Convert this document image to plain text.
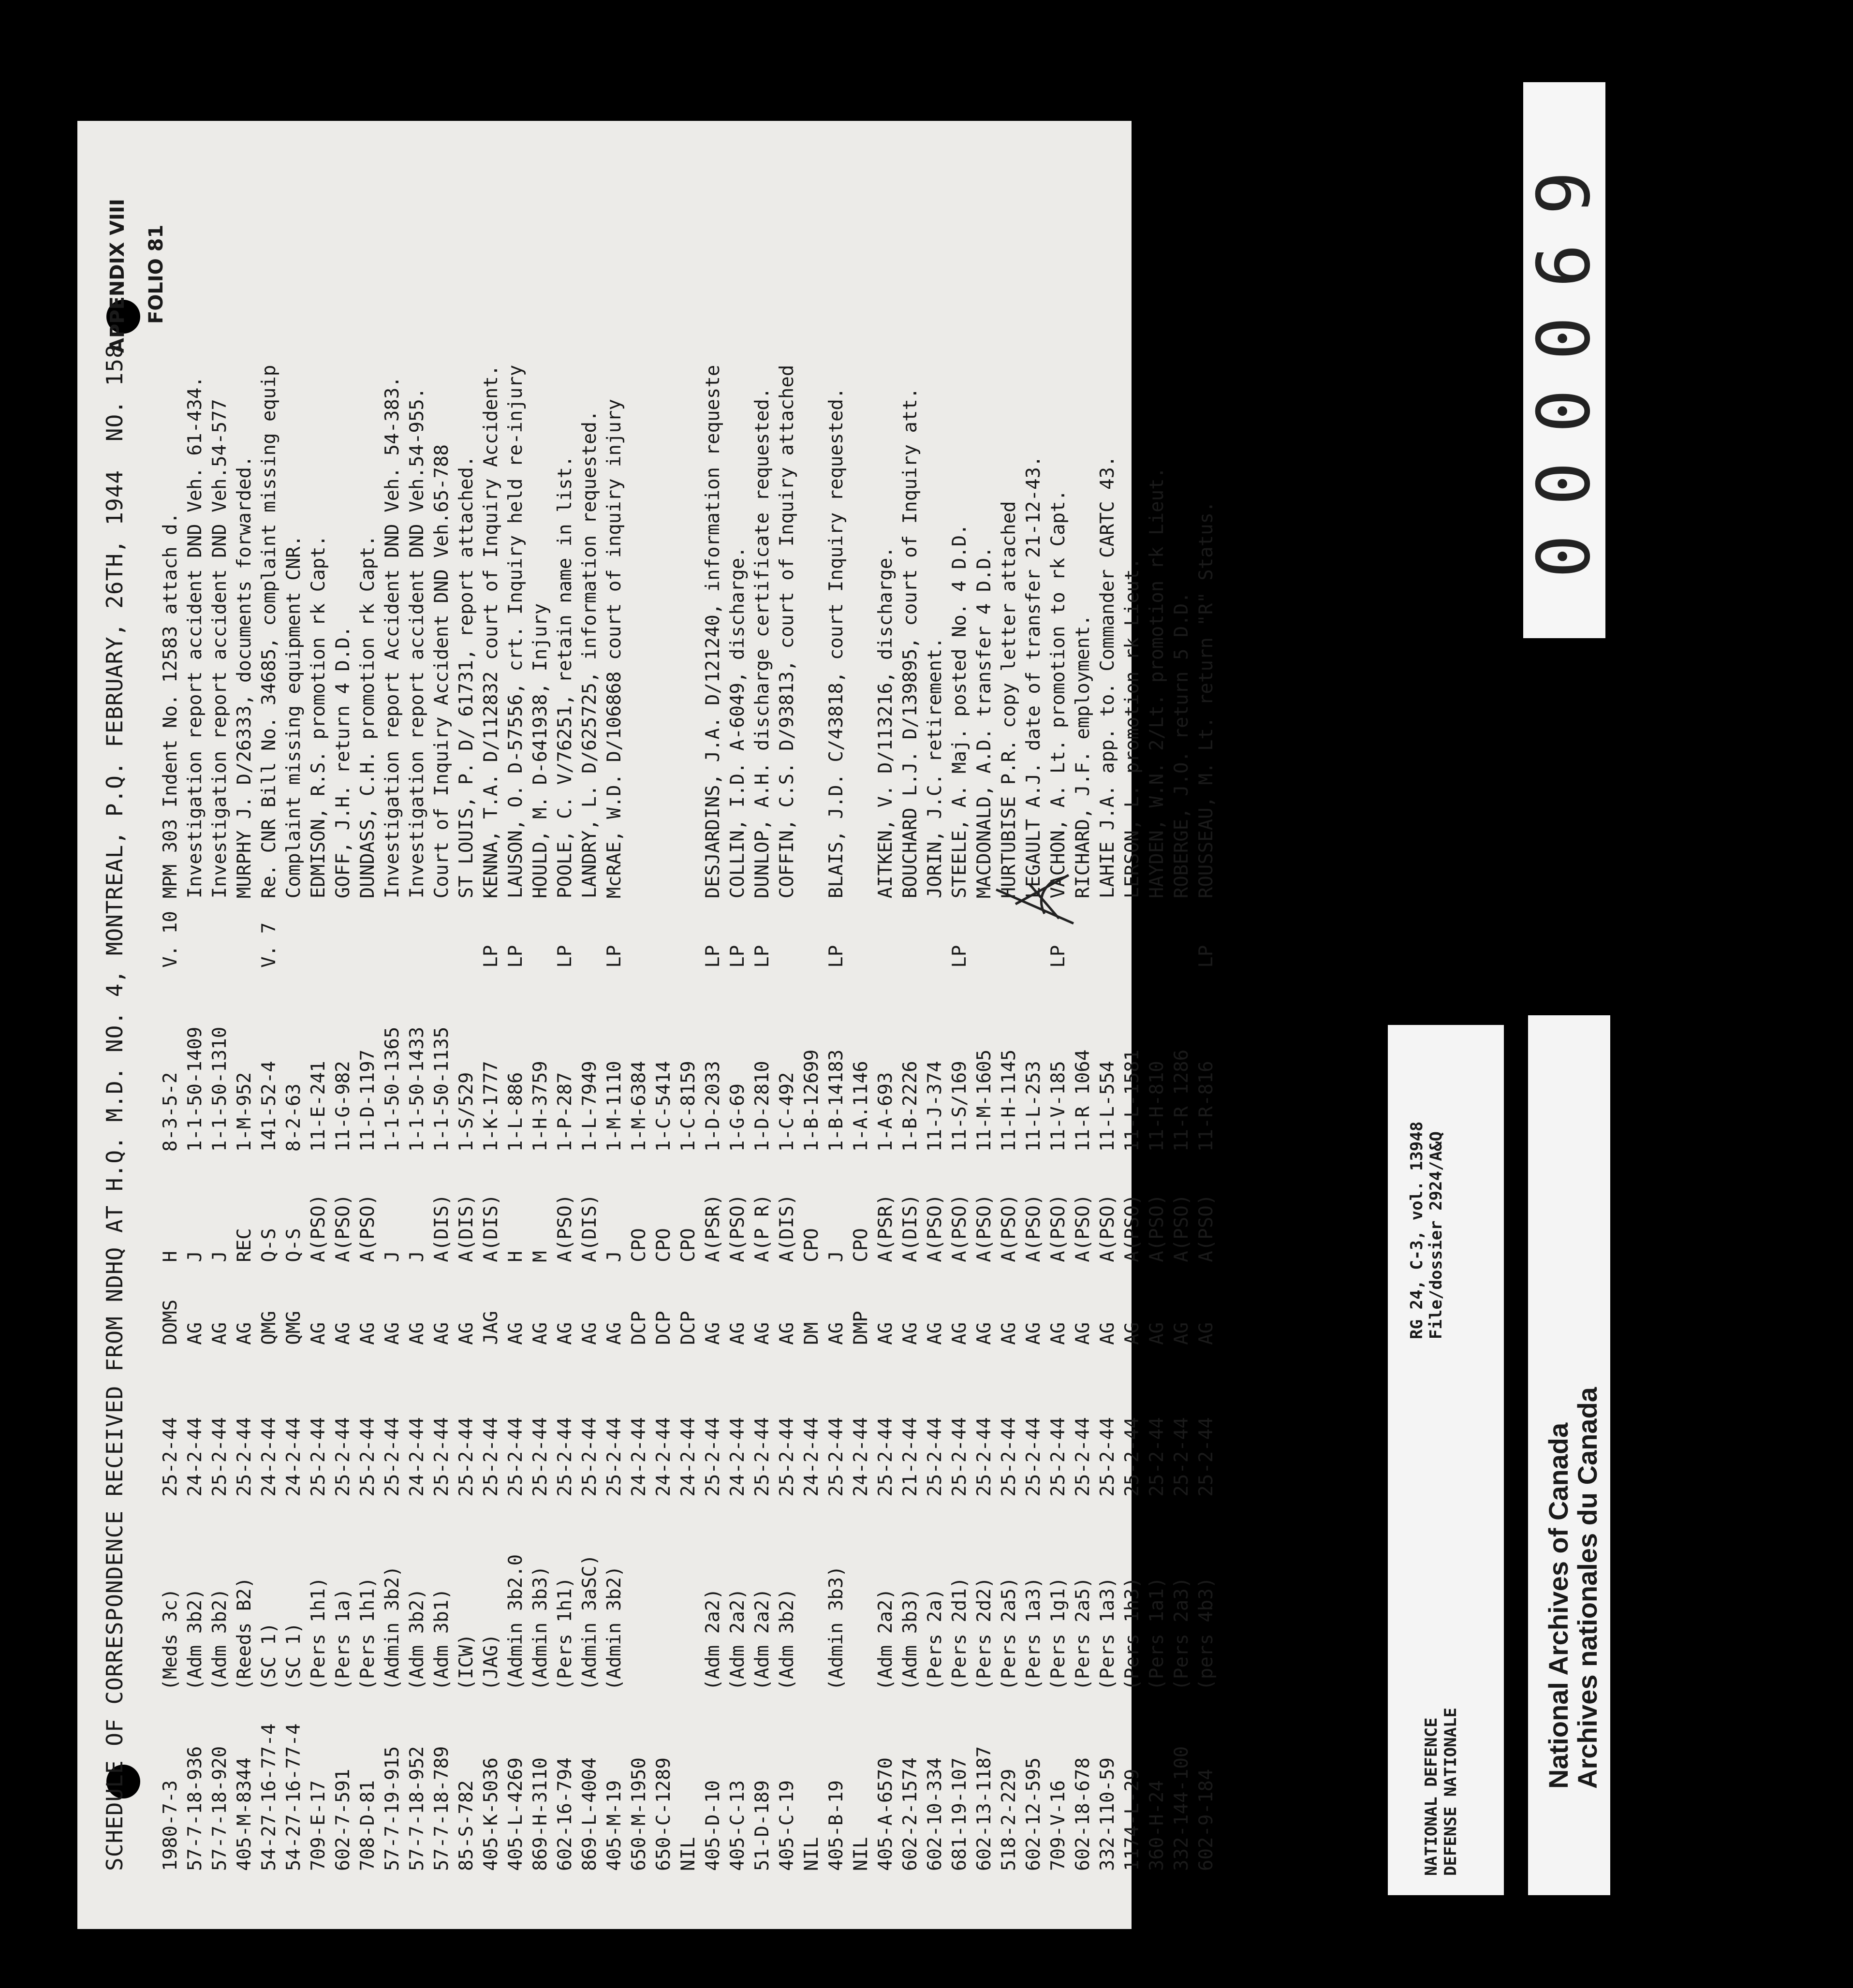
SCHEDULE OF CORRESPONDENCE RECEIVED FROM NDHQ AT H.Q. M.D. NO. 4, MONTREAL, P.Q. FEBRUARY, 26TH, 1944 NO. 158
APPENDIX VIII FOLIO 81
1980-7-3	(Meds 3c)	25-2-44	DOMS	H	8-3-5-2	V. 10	MPM 303 Indent No. 12583 attach d.
57-7-18-936	(Adm 3b2)	24-2-44	AG	J	1-1-50-1409		Investigation report accident DND Veh. 61-434.
57-7-18-920	(Adm 3b2)	25-2-44	AG	J	1-1-50-1310		Investigation report accident DND Veh.54-577
405-M-8344	(Reeds B2)	25-2-44	AG	REC	1-M-952		MURPHY J. D/26333, documents forwarded.
54-27-16-77-4	(SC 1)	24-2-44	QMG	Q-S	141-52-4	V. 7	Re. CNR Bill No. 34685, complaint missing equip
54-27-16-77-4	(SC 1)	24-2-44	QMG	Q-S	8-2-63		Complaint missing equipment CNR.
709-E-17	(Pers 1h1)	25-2-44	AG	A(PSO)	11-E-241		EDMISON, R.S. promotion rk Capt.
602-7-591	(Pers 1a)	25-2-44	AG	A(PSO)	11-G-982		GOFF, J.H. return 4 D.D.
708-D-81	(Pers 1h1)	25-2-44	AG	A(PSO)	11-D-1197		DUNDASS, C.H. promotion rk Capt.
57-7-19-915	(Admin 3b2)	25-2-44	AG	J	1-1-50-1365		Investigation report Accident DND Veh. 54-383.
57-7-18-952	(Adm 3b2)	24-2-44	AG	J	1-1-50-1433		Investigation report accident DND Veh.54-955.
57-7-18-789	(Adm 3b1)	25-2-44	AG	A(DIS)	1-1-50-1135		Court of Inquiry Accident DND Veh.65-788
85-S-782	(ICW)	25-2-44	AG	A(DIS)	1-S/529		ST LOUIS, P. D/ 61731, report attached.
405-K-5036	(JAG)	25-2-44	JAG	A(DIS)	1-K-1777	LP	KENNA, T.A. D/112832 court of Inquiry Accident.
405-L-4269	(Admin 3b2.0	25-2-44	AG	H	1-L-886	LP	LAUSON, O. D-57556, crt. Inquiry held re-injury
869-H-3110	(Admin 3b3)	25-2-44	AG	M	1-H-3759		HOULD, M. D-641938, Injury
602-16-794	(Pers 1h1)	25-2-44	AG	A(PSO)	1-P-287	LP	POOLE, C. V/76251, retain name in list.
869-L-4004	(Admin 3aSC)	25-2-44	AG	A(DIS)	1-L-7949		LANDRY, L. D/625725, information requested.
405-M-19	(Admin 3b2)	25-2-44	AG	J	1-M-1110	LP	McRAE, W.D. D/106868 court of inquiry injury
650-M-1950		24-2-44	DCP	CPO	1-M-6384		
650-C-1289		24-2-44	DCP	CPO	1-C-5414		
NIL		24-2-44	DCP	CPO	1-C-8159		
405-D-10	(Adm 2a2)	25-2-44	AG	A(PSR)	1-D-2033	LP	DESJARDINS, J.A. D/121240, information requeste
405-C-13	(Adm 2a2)	24-2-44	AG	A(PSO)	1-G-69	LP	COLLIN, I.D. A-6049, discharge.
51-D-189	(Adm 2a2)	25-2-44	AG	A(P R)	1-D-2810	LP	DUNLOP, A.H. discharge certificate requested.
405-C-19	(Adm 3b2)	25-2-44	AG	A(DIS)	1-C-492		COFFIN, C.S. D/93813, court of Inquiry attached
NIL		24-2-44	DM	CPO	1-B-12699		
405-B-19	(Admin 3b3)	25-2-44	AG	J	1-B-14183	LP	BLAIS, J.D. C/43818, court Inquiry requested.
NIL		24-2-44	DMP	CPO	1-A.1146		
405-A-6570	(Adm 2a2)	25-2-44	AG	A(PSR)	1-A-693		AITKEN, V. D/113216, discharge.
602-2-1574	(Adm 3b3)	21-2-44	AG	A(DIS)	1-B-2226		BOUCHARD L.J. D/139895, court of Inquiry att.
602-10-334	(Pers 2a)	25-2-44	AG	A(PSO)	11-J-374		JORIN, J.C. retirement.
681-19-107	(Pers 2d1)	25-2-44	AG	A(PSO)	11-S/169	LP	STEELE, A. Maj. posted No. 4 D.D.
602-13-1187	(Pers 2d2)	25-2-44	AG	A(PSO)	11-M-1605		MACDONALD, A.D. transfer 4 D.D.
518-2-229	(Pers 2a5)	25-2-44	AG	A(PSO)	11-H-1145		HURTUBISE P.R. copy letter attached
602-12-595	(Pers 1a3)	25-2-44	AG	A(PSO)	11-L-253		LEGAULT A.J. date of transfer 21-12-43.
709-V-16	(Pers 1g1)	25-2-44	AG	A(PSO)	11-V-185	LP	VACHON, A. Lt. promotion to rk Capt.
602-18-678	(Pers 2a5)	25-2-44	AG	A(PSO)	11-R 1064		RICHARD, J.F. employment.
332-110-59	(Pers 1a3)	25-2-44	AG	A(PSO)	11-L-554		LAHIE J.A. app. to. Commander CARTC 43.
1174-L-29	(Pers 1h3)	25-2-44	AG	A(PSO)	11-L-1581		LERSON, L. promotion rk Lieut.
360-H-24	(Pers 1a1)	25-2-44	AG	A(PSO)	11-H-810		HAYDEN, W.N. 2/Lt. promotion rk Lieut.
332-144-100	(Pers 2a3)	25-2-44	AG	A(PSO)	11-R 1286		ROBERGE, J.O. return 5 D.D.
602-9-184	(pers 4b3)	25-2-44	AG	A(PSO)	11-R-816	LP	ROUSSEAU, M. Lt. return "R" Status.
NATIONAL DEFENCE DEFENSE NATIONALE
RG 24, C-3, vol. 13948 File/dossier 2924/A&Q
National Archives of Canada
Archives nationales du Canada
000069
